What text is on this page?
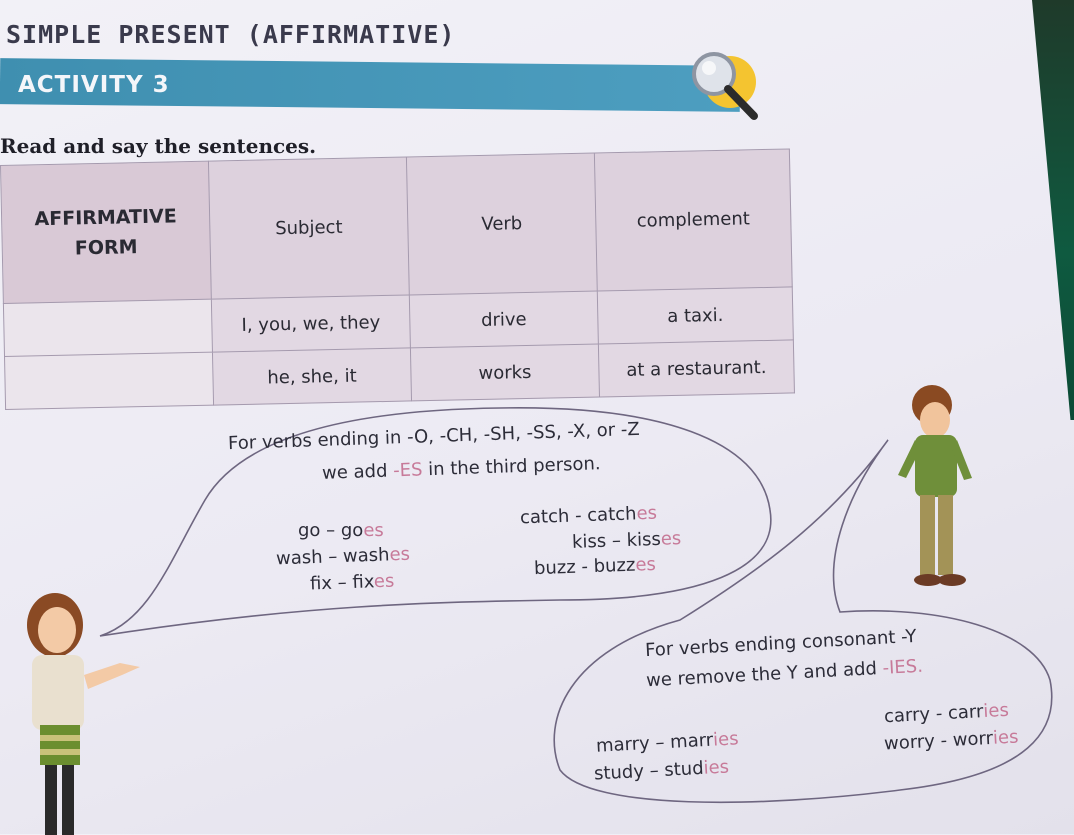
SIMPLE PRESENT (AFFIRMATIVE)
ACTIVITY 3

Read and say the sentences.

AFFIRMATIVE FORM	Subject	Verb	complement
	I, you, we, they	drive	a taxi.
	he, she, it	works	at a restaurant.

For verbs ending in -O, -CH, -SH, -SS, -X, or -Z

we add -ES in the third person.

go – goes
wash – washes
fix – fixes
catch - catches
kiss – kisses
buzz - buzzes

For verbs ending consonant -Y

we remove the Y and add -IES.

marry – marries
study – studies
carry - carries
worry - worries
